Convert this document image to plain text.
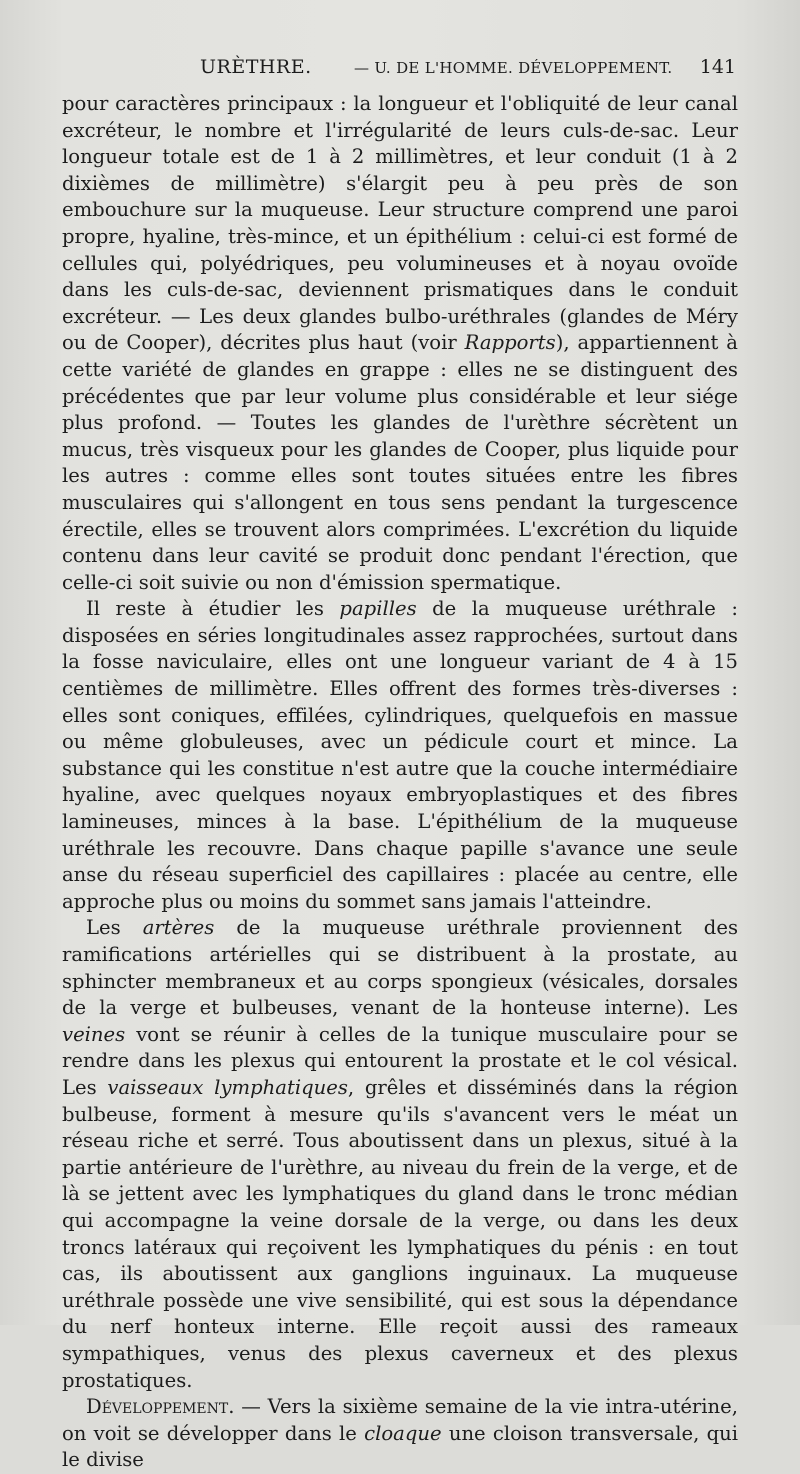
URÈTHRE.	— U. DE L'HOMME. DÉVELOPPEMENT. 141

pour caractères principaux : la longueur et l'obliquité de leur canal excréteur, le nombre et l'irrégularité de leurs culs-de-sac. Leur longueur totale est de 1 à 2 millimètres, et leur conduit (1 à 2 dixièmes de millimètre) s'élargit peu à peu près de son embouchure sur la muqueuse. Leur structure comprend une paroi propre, hyaline, très-mince, et un épithélium : celui-ci est formé de cellules qui, polyédriques, peu volumineuses et à noyau ovoïde dans les culs-de-sac, deviennent prismatiques dans le conduit excréteur. — Les deux glandes bulbo-uréthrales (glandes de Méry ou de Cooper), décrites plus haut (voir Rapports), appartiennent à cette variété de glandes en grappe : elles ne se distinguent des précédentes que par leur volume plus considérable et leur siége plus profond. — Toutes les glandes de l'urèthre sécrètent un mucus, très visqueux pour les glandes de Cooper, plus liquide pour les autres : comme elles sont toutes situées entre les fibres musculaires qui s'allongent en tous sens pendant la turgescence érectile, elles se trouvent alors comprimées. L'excrétion du liquide contenu dans leur cavité se produit donc pendant l'érection, que celle-ci soit suivie ou non d'émission spermatique.

Il reste à étudier les papilles de la muqueuse uréthrale : disposées en séries longitudinales assez rapprochées, surtout dans la fosse naviculaire, elles ont une longueur variant de 4 à 15 centièmes de millimètre. Elles offrent des formes très-diverses : elles sont coniques, effilées, cylindriques, quelquefois en massue ou même globuleuses, avec un pédicule court et mince. La substance qui les constitue n'est autre que la couche intermédiaire hyaline, avec quelques noyaux embryoplastiques et des fibres lamineuses, minces à la base. L'épithélium de la muqueuse uréthrale les recouvre. Dans chaque papille s'avance une seule anse du réseau superficiel des capillaires : placée au centre, elle approche plus ou moins du sommet sans jamais l'atteindre.

Les artères de la muqueuse uréthrale proviennent des ramifications artérielles qui se distribuent à la prostate, au sphincter membraneux et au corps spongieux (vésicales, dorsales de la verge et bulbeuses, venant de la honteuse interne). Les veines vont se réunir à celles de la tunique musculaire pour se rendre dans les plexus qui entourent la prostate et le col vésical. Les vaisseaux lymphatiques, grêles et disséminés dans la région bulbeuse, forment à mesure qu'ils s'avancent vers le méat un réseau riche et serré. Tous aboutissent dans un plexus, situé à la partie antérieure de l'urèthre, au niveau du frein de la verge, et de là se jettent avec les lymphatiques du gland dans le tronc médian qui accompagne la veine dorsale de la verge, ou dans les deux troncs latéraux qui reçoivent les lymphatiques du pénis : en tout cas, ils aboutissent aux ganglions inguinaux. La muqueuse uréthrale possède une vive sensibilité, qui est sous la dépendance du nerf honteux interne. Elle reçoit aussi des rameaux sympathiques, venus des plexus caverneux et des plexus prostatiques.

Développement. — Vers la sixième semaine de la vie intra-utérine, on voit se développer dans le cloaque une cloison transversale, qui le divise
